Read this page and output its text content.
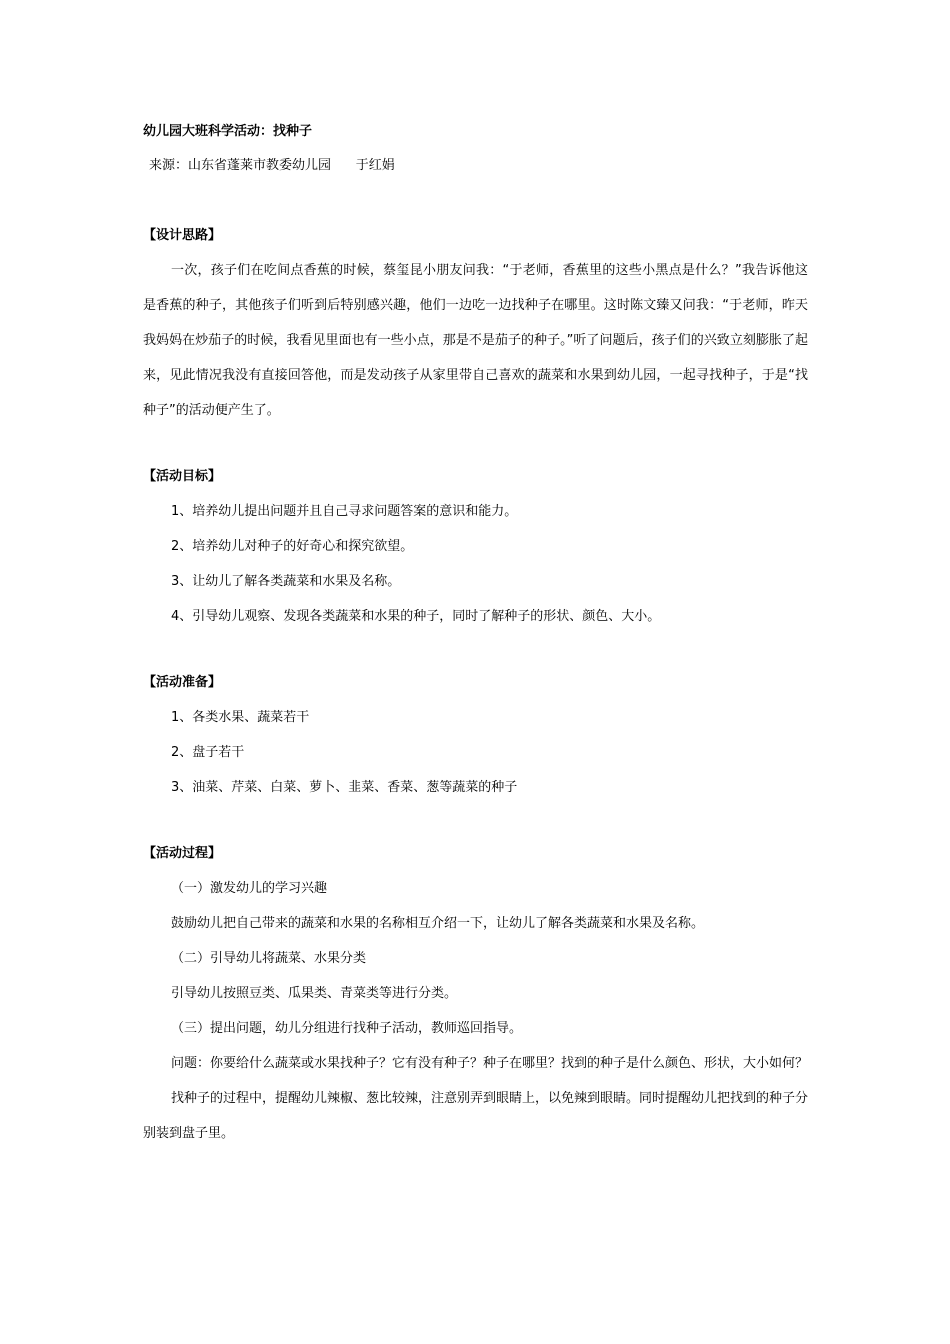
幼儿园大班科学活动：找种子
来源：山东省蓬莱市教委幼儿园      于红娟
【设计思路】

一次，孩子们在吃间点香蕉的时候，蔡玺昆小朋友问我：“于老师，香蕉里的这些小黑点是什么？”我告诉他这是香蕉的种子，其他孩子们听到后特别感兴趣，他们一边吃一边找种子在哪里。这时陈文臻又问我：“于老师，昨天我妈妈在炒茄子的时候，我看见里面也有一些小点，那是不是茄子的种子。”听了问题后，孩子们的兴致立刻膨胀了起来，见此情况我没有直接回答他，而是发动孩子从家里带自己喜欢的蔬菜和水果到幼儿园，一起寻找种子，于是“找种子”的活动便产生了。

【活动目标】

1、培养幼儿提出问题并且自己寻求问题答案的意识和能力。

2、培养幼儿对种子的好奇心和探究欲望。

3、让幼儿了解各类蔬菜和水果及名称。

4、引导幼儿观察、发现各类蔬菜和水果的种子，同时了解种子的形状、颜色、大小。

【活动准备】

1、各类水果、蔬菜若干

2、盘子若干

3、油菜、芹菜、白菜、萝卜、韭菜、香菜、葱等蔬菜的种子

【活动过程】

（一）激发幼儿的学习兴趣

鼓励幼儿把自己带来的蔬菜和水果的名称相互介绍一下，让幼儿了解各类蔬菜和水果及名称。

（二）引导幼儿将蔬菜、水果分类

引导幼儿按照豆类、瓜果类、青菜类等进行分类。

（三）提出问题，幼儿分组进行找种子活动，教师巡回指导。

问题：你要给什么蔬菜或水果找种子？它有没有种子？种子在哪里？找到的种子是什么颜色、形状，大小如何？

找种子的过程中，提醒幼儿辣椒、葱比较辣，注意别弄到眼睛上，以免辣到眼睛。同时提醒幼儿把找到的种子分别装到盘子里。
